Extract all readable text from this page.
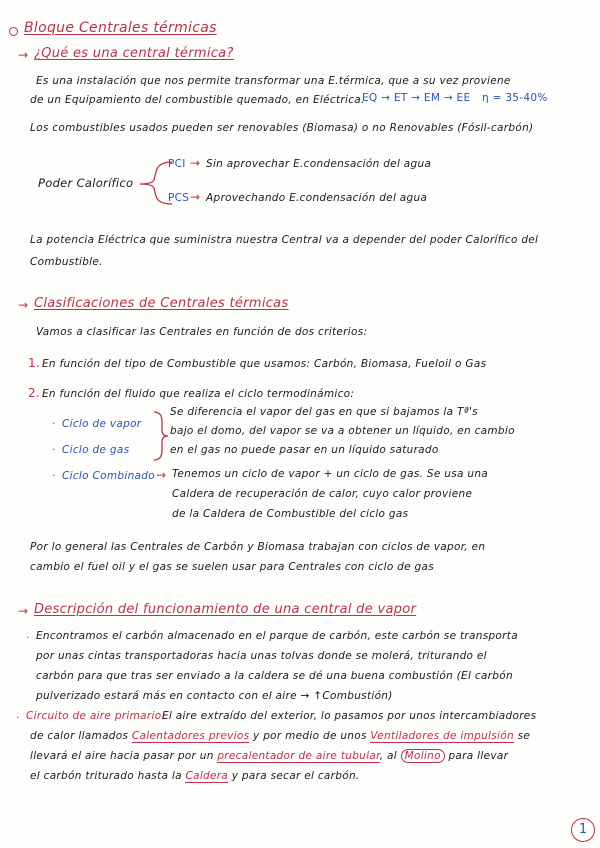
Bloque Centrales térmicas
→ ¿Qué es una central térmica?
Es una instalación que nos permite transformar una E.térmica, que a su vez proviene
de un Equipamiento del combustible quemado, en Eléctrica.
EQ → ET → EM → EE η = 35-40%
Los combustibles usados pueden ser renovables (Biomasa) o no Renovables (Fósil-carbón)
Poder Calorífico
PCI → Sin aprovechar E.condensación del agua
PCS → Aprovechando E.condensación del agua
La potencia Eléctrica que suministra nuestra Central va a depender del poder Calorífico del
Combustible.
→ Clasificaciones de Centrales térmicas
Vamos a clasificar las Centrales en función de dos criterios:
1. En función del tipo de Combustible que usamos: Carbón, Biomasa, Fueloil o Gas
2. En función del fluido que realiza el ciclo termodinámico:
· Ciclo de vapor
· Ciclo de gas
Se diferencia el vapor del gas en que si bajamos la Tª's
bajo el domo, del vapor se va a obtener un líquido, en cambio
en el gas no puede pasar en un líquido saturado
· Ciclo Combinado → Tenemos un ciclo de vapor + un ciclo de gas. Se usa una
Caldera de recuperación de calor, cuyo calor proviene
de la Caldera de Combustible del ciclo gas
Por lo general las Centrales de Carbón y Biomasa trabajan con ciclos de vapor, en
cambio el fuel oil y el gas se suelen usar para Centrales con ciclo de gas
→ Descripción del funcionamiento de una central de vapor
· Encontramos el carbón almacenado en el parque de carbón, este carbón se transporta
por unas cintas transportadoras hacia unas tolvas donde se molerá, triturando el
carbón para que tras ser enviado a la caldera se dé una buena combustión (El carbón
pulverizado estará más en contacto con el aire → ↑Combustión)
· Circuito de aire primario:
El aire extraído del exterior, lo pasamos por unos intercambiadores
de calor llamados Calentadores previos y por medio de unos Ventiladores de impulsión se
llevará el aire hacia pasar por un precalentador de aire tubular, al Molino para llevar
el carbón triturado hasta la Caldera y para secar el carbón.
1
